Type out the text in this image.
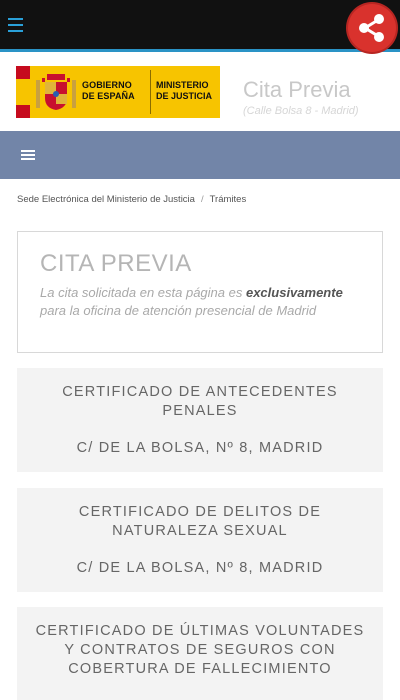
GOBIERNO
DE ESPAÑA
MINISTERIO
DE JUSTICIA Cita Previa
(Calle Bolsa 8 - Madrid)
Sede Electrónica del Ministerio de Justicia / Trámites
CITA PREVIA
La cita solicitada en esta página es exclusivamente para la oficina de atención presencial de Madrid
CERTIFICADO DE ANTECEDENTES
PENALES
C/ DE LA BOLSA, Nº 8, MADRID
CERTIFICADO DE DELITOS DE
NATURALEZA SEXUAL
C/ DE LA BOLSA, Nº 8, MADRID
CERTIFICADO DE ÚLTIMAS VOLUNTADES
Y CONTRATOS DE SEGUROS CON
COBERTURA DE FALLECIMIENTO
